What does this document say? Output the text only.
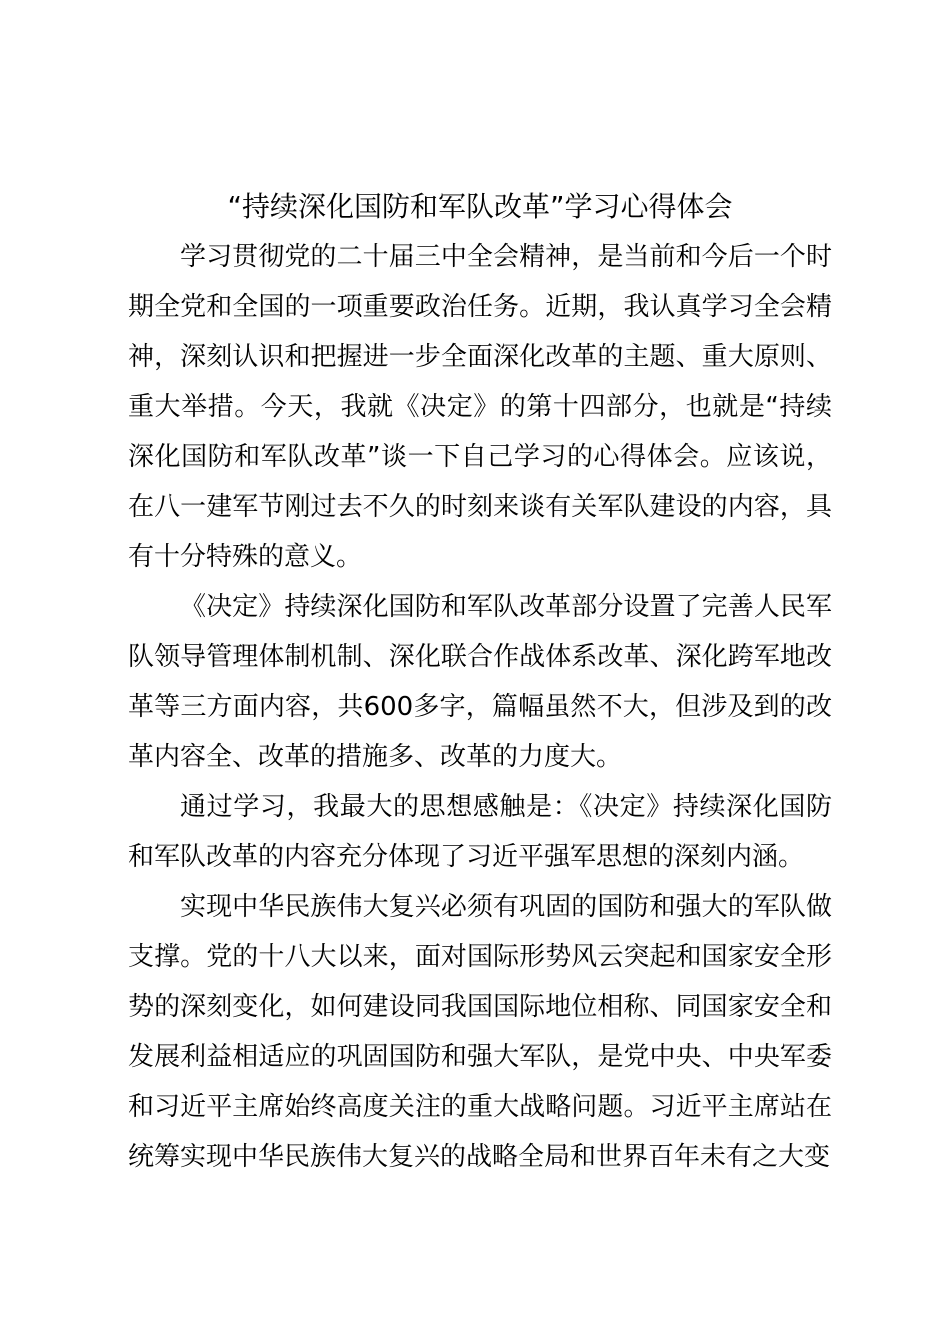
“持续深化国防和军队改革”学习心得体会

学习贯彻党的二十届三中全会精神，是当前和今后一个时期全党和全国的一项重要政治任务。近期，我认真学习全会精神，深刻认识和把握进一步全面深化改革的主题、重大原则、重大举措。今天，我就《决定》的第十四部分，也就是“持续深化国防和军队改革”谈一下自己学习的心得体会。应该说，在八一建军节刚过去不久的时刻来谈有关军队建设的内容，具有十分特殊的意义。

《决定》持续深化国防和军队改革部分设置了完善人民军队领导管理体制机制、深化联合作战体系改革、深化跨军地改革等三方面内容，共600多字，篇幅虽然不大，但涉及到的改革内容全、改革的措施多、改革的力度大。

通过学习，我最大的思想感触是：《决定》持续深化国防和军队改革的内容充分体现了习近平强军思想的深刻内涵。

实现中华民族伟大复兴必须有巩固的国防和强大的军队做支撑。党的十八大以来，面对国际形势风云突起和国家安全形势的深刻变化，如何建设同我国国际地位相称、同国家安全和发展利益相适应的巩固国防和强大军队，是党中央、中央军委和习近平主席始终高度关注的重大战略问题。习近平主席站在统筹实现中华民族伟大复兴的战略全局和世界百年未有之大变
